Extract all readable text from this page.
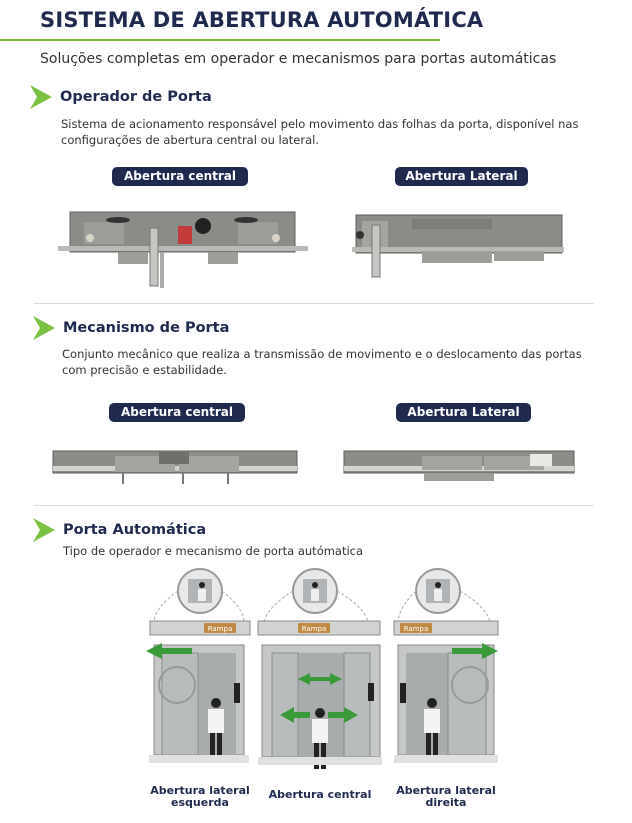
SISTEMA DE ABERTURA AUTOMÁTICA
Soluções completas em operador e mecanismos para portas automáticas
Operador de Porta
Sistema de acionamento responsável pelo movimento das folhas da porta, disponível nas
configurações de abertura central ou lateral.
Abertura central	Abertura Lateral
Mecanismo de Porta
Conjunto mecânico que realiza a transmissão de movimento e o deslocamento das portas
com precisão e estabilidade.
Abertura central	Abertura Lateral
Porta Automática
Tipo de operador e mecanismo de porta autómatica
Rampa	Rampa	Rampa
Abertura lateral
esquerda
Abertura central	Abertura lateral
direita
